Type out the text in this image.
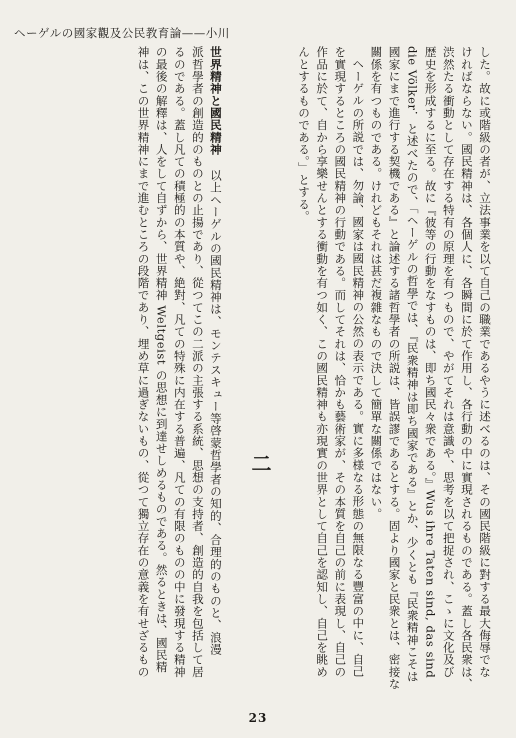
ヘーゲルの國家觀及公民教育論——小川
した。故に或階級の者が、立法事業を以て自己の職業であるやうに述べるのは、その國民階級に對する最大侮辱でな
ければならない。國民精神は、各個人に、各瞬間に於て作用し、各行動の中に實現されるものである。蓋し各民衆は、
渋然たる衝動として存在する特有の原理を有つもので、やがてそれは意識や、思考を以て把捉され、こゝに文化及び
歴史を形成するに至る。故に『彼等の行動をなすものは、即ち國民々衆である。』Wus ihre Taten sind, das sind
die Völker．と述べたので、「ヘーゲルの哲學では、『民衆精神は即ち國家である』とか、少くとも『民衆精神こそは
國家にまで進行する契機である』と論述する諸哲學者の所説は、皆誤謬であるとする。固より國家と民衆とは、密接な
關係を有つものである。けれどもそれは甚だ複雜なもので決して簡單な關係ではない。
ヘーゲルの所説では、勿論、國家は國民精神の公然の表示である。實に多様なる形態の無限なる豐富の中に、自己
を實現するところの國民精神の行動である。而してそれは、恰かも藝術家が、その本質を自己の前に表現し、自己の
作品に於て、自から享樂せんとする衝動を有つ如く、この國民精神も亦現實の世界として自己を認知し、自己を眺め
んとするものである。」とする。
二
世界精神と國民精神以上ヘーゲルの國民精神は、モンテスキュー等啓蒙哲學者の知的、合理的のものと、浪漫
派哲學者の創造的のものとの止揚であり、從つてこの二派の主張する系統、思想の支持者、創造的自我を包括して居
るのである。蓋し凡ての積極的の本質や、絶對、凡ての特殊に内在する普遍、凡ての有限のものの中に發現する精神
の最後の解釋は、人をして自ずから、世界精神 Weltgeist の思想に到達せしめるものである。然るときは、國民精
神は、この世界精神にまで進むところの段階であり、埋め草に過ぎないもの、從つて獨立存在の意義を有せざるもの
23
